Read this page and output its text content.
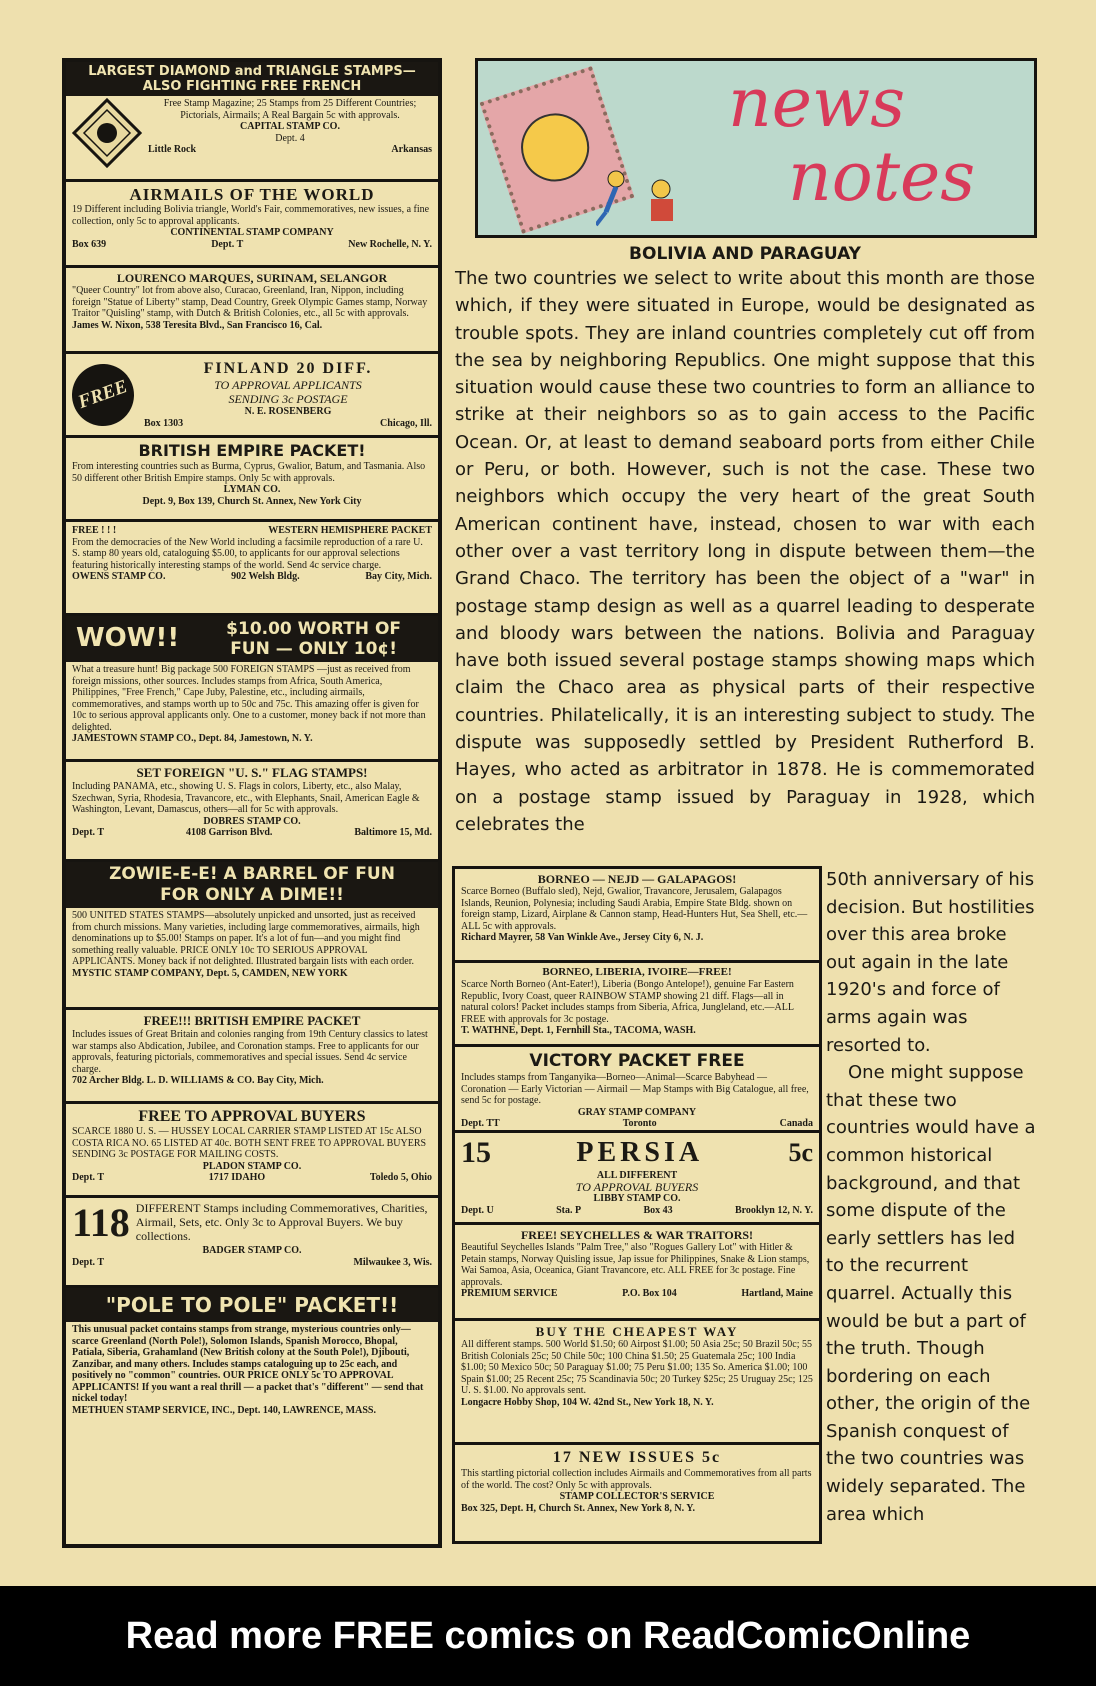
LARGEST DIAMOND and TRIANGLE STAMPS—
ALSO FIGHTING FREE FRENCH
Free Stamp Magazine; 25 Stamps from 25 Different Countries; Pictorials, Airmails; A Real Bargain 5c with approvals.
CAPITAL STAMP CO.
Dept. 4
Little Rock	Arkansas
AIRMAILS OF THE WORLD
19 Different including Bolivia triangle, World's Fair, commemoratives, new issues, a fine collection, only 5c to approval applicants.
CONTINENTAL STAMP COMPANY
Box 639	Dept. T	New Rochelle, N. Y.
LOURENCO MARQUES, SURINAM, SELANGOR
"Queer Country" lot from above also, Curacao, Greenland, Iran, Nippon, including foreign "Statue of Liberty" stamp, Dead Country, Greek Olympic Games stamp, Norway Traitor "Quisling" stamp, with Dutch & British Colonies, etc., all 5c with approvals.
James W. Nixon, 538 Teresita Blvd., San Francisco 16, Cal.
FREE
FINLAND 20 DIFF.
TO APPROVAL APPLICANTS
SENDING 3c POSTAGE
N. E. ROSENBERG
Box 1303	Chicago, Ill.
BRITISH EMPIRE PACKET!
From interesting countries such as Burma, Cyprus, Gwalior, Batum, and Tasmania. Also 50 different other British Empire stamps. Only 5c with approvals.
LYMAN CO.
Dept. 9, Box 139, Church St. Annex, New York City
FREE ! ! !	WESTERN HEMISPHERE PACKET
From the democracies of the New World including a facsimile reproduction of a rare U. S. stamp 80 years old, cataloguing $5.00, to applicants for our approval selections featuring historically interesting stamps of the world. Send 4c service charge.
OWENS STAMP CO.	902 Welsh Bldg.	Bay City, Mich.
WOW!!	$10.00 WORTH OF
FUN — ONLY 10¢!
What a treasure hunt! Big package 500 FOREIGN STAMPS —just as received from foreign missions, other sources. Includes stamps from Africa, South America, Philippines, "Free French," Cape Juby, Palestine, etc., including airmails, commemoratives, and stamps worth up to 50c and 75c. This amazing offer is given for 10c to serious approval applicants only. One to a customer, money back if not more than delighted.
JAMESTOWN STAMP CO., Dept. 84, Jamestown, N. Y.
SET FOREIGN "U. S." FLAG STAMPS!
Including PANAMA, etc., showing U. S. Flags in colors, Liberty, etc., also Malay, Szechwan, Syria, Rhodesia, Travancore, etc., with Elephants, Snail, American Eagle & Washington, Levant, Damascus, others—all for 5c with approvals.
DOBRES STAMP CO.
Dept. T	4108 Garrison Blvd.	Baltimore 15, Md.
ZOWIE-E-E! A BARREL OF FUN
FOR ONLY A DIME!!
500 UNITED STATES STAMPS—absolutely unpicked and unsorted, just as received from church missions. Many varieties, including large commemoratives, airmails, high denominations up to $5.00! Stamps on paper. It's a lot of fun—and you might find something really valuable. PRICE ONLY 10c TO SERIOUS APPROVAL APPLICANTS. Money back if not delighted. Illustrated bargain lists with each order.
MYSTIC STAMP COMPANY, Dept. 5, CAMDEN, NEW YORK
FREE!!! BRITISH EMPIRE PACKET
Includes issues of Great Britain and colonies ranging from 19th Century classics to latest war stamps also Abdication, Jubilee, and Coronation stamps. Free to applicants for our approvals, featuring pictorials, commemoratives and special issues. Send 4c service charge.
702 Archer Bldg. L. D. WILLIAMS & CO. Bay City, Mich.
FREE TO APPROVAL BUYERS
SCARCE 1880 U. S. — HUSSEY LOCAL CARRIER STAMP LISTED AT 15c ALSO COSTA RICA NO. 65 LISTED AT 40c. BOTH SENT FREE TO APPROVAL BUYERS SENDING 3c POSTAGE FOR MAILING COSTS.
PLADON STAMP CO.
Dept. T	1717 IDAHO	Toledo 5, Ohio
118 DIFFERENT Stamps including Commemoratives, Charities, Airmail, Sets, etc. Only 3c to Approval Buyers. We buy collections.
BADGER STAMP CO.
Dept. T	Milwaukee 3, Wis.
"POLE TO POLE" PACKET!!
This unusual packet contains stamps from strange, mysterious countries only—scarce Greenland (North Pole!), Solomon Islands, Spanish Morocco, Bhopal, Patiala, Siberia, Grahamland (New British colony at the South Pole!), Djibouti, Zanzibar, and many others. Includes stamps cataloguing up to 25c each, and positively no "common" countries. OUR PRICE ONLY 5c TO APPROVAL APPLICANTS! If you want a real thrill — a packet that's "different" — send that nickel today!
METHUEN STAMP SERVICE, INC., Dept. 140, LAWRENCE, MASS.
news
notes
BOLIVIA AND PARAGUAY

The two countries we select to write about this month are those which, if they were situated in Europe, would be designated as trouble spots. They are inland countries completely cut off from the sea by neighboring Republics. One might suppose that this situation would cause these two countries to form an alliance to strike at their neighbors so as to gain access to the Pacific Ocean. Or, at least to demand seaboard ports from either Chile or Peru, or both. However, such is not the case. These two neighbors which occupy the very heart of the great South American continent have, instead, chosen to war with each other over a vast territory long in dispute between them—the Grand Chaco. The territory has been the object of a "war" in postage stamp design as well as a quarrel leading to desperate and bloody wars between the nations. Bolivia and Paraguay have both issued several postage stamps showing maps which claim the Chaco area as physical parts of their respective countries. Philatelically, it is an interesting subject to study. The dispute was supposedly settled by President Rutherford B. Hayes, who acted as arbitrator in 1878. He is commemorated on a postage stamp issued by Paraguay in 1928, which celebrates the

BORNEO — NEJD — GALAPAGOS!
Scarce Borneo (Buffalo sled), Nejd, Gwalior, Travancore, Jerusalem, Galapagos Islands, Reunion, Polynesia; including Saudi Arabia, Empire State Bldg. shown on foreign stamp, Lizard, Airplane & Cannon stamp, Head-Hunters Hut, Sea Shell, etc.—ALL 5c with approvals.
Richard Mayrer, 58 Van Winkle Ave., Jersey City 6, N. J.
BORNEO, LIBERIA, IVOIRE—FREE!
Scarce North Borneo (Ant-Eater!), Liberia (Bongo Antelope!), genuine Far Eastern Republic, Ivory Coast, queer RAINBOW STAMP showing 21 diff. Flags—all in natural colors! Packet includes stamps from Siberia, Africa, Jungleland, etc.—ALL FREE with approvals for 3c postage.
T. WATHNE, Dept. 1, Fernhill Sta., TACOMA, WASH.
VICTORY PACKET FREE
Includes stamps from Tanganyika—Borneo—Animal—Scarce Babyhead — Coronation — Early Victorian — Airmail — Map Stamps with Big Catalogue, all free, send 5c for postage.
GRAY STAMP COMPANY
Dept. TT	Toronto	Canada
15	PERSIA	5c
ALL DIFFERENT
TO APPROVAL BUYERS
LIBBY STAMP CO.
Dept. U	Sta. P	Box 43	Brooklyn 12, N. Y.
FREE! SEYCHELLES & WAR TRAITORS!
Beautiful Seychelles Islands "Palm Tree," also "Rogues Gallery Lot" with Hitler & Petain stamps, Norway Quisling issue, Jap issue for Philippines, Snake & Lion stamps, Wai Samoa, Asia, Oceanica, Giant Travancore, etc. ALL FREE for 3c postage. Fine approvals.
PREMIUM SERVICE	P.O. Box 104	Hartland, Maine
BUY THE CHEAPEST WAY
All different stamps. 500 World $1.50; 60 Airpost $1.00; 50 Asia 25c; 50 Brazil 50c; 55 British Colonials 25c; 50 Chile 50c; 100 China $1.50; 25 Guatemala 25c; 100 India $1.00; 50 Mexico 50c; 50 Paraguay $1.00; 75 Peru $1.00; 135 So. America $1.00; 100 Spain $1.00; 25 Recent 25c; 75 Scandinavia 50c; 20 Turkey $25c; 25 Uruguay 25c; 125 U. S. $1.00. No approvals sent.
Longacre Hobby Shop, 104 W. 42nd St., New York 18, N. Y.
17 NEW ISSUES 5c
This startling pictorial collection includes Airmails and Commemoratives from all parts of the world. The cost? Only 5c with approvals.
STAMP COLLECTOR'S SERVICE
Box 325, Dept. H, Church St. Annex, New York 8, N. Y.

50th anniversary of his decision. But hostilities over this area broke out again in the late 1920's and force of arms again was resorted to.

One might suppose that these two countries would have a common historical background, and that some dispute of the early settlers has led to the recurrent quarrel. Actually this would be but a part of the truth. Though bordering on each other, the origin of the Spanish conquest of the two countries was widely separated. The area which

Read more FREE comics on ReadComicOnline
